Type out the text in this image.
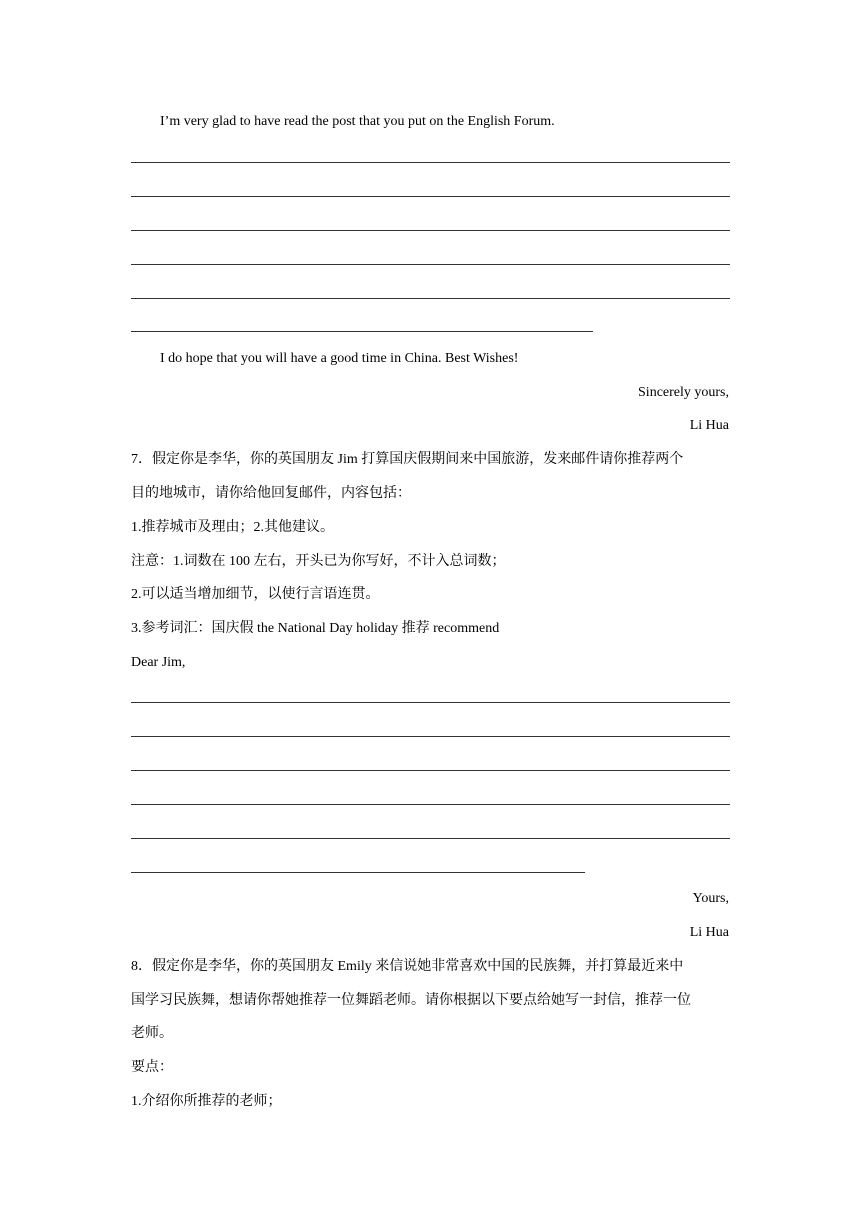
I’m very glad to have read the post that you put on the English Forum.
I do hope that you will have a good time in China. Best Wishes!
Sincerely yours,
Li Hua
7．假定你是李华，你的英国朋友 Jim 打算国庆假期间来中国旅游，发来邮件请你推荐两个
目的地城市，请你给他回复邮件，内容包括：
1.推荐城市及理由；2.其他建议。
注意：1.词数在 100 左右，开头已为你写好，不计入总词数；
2.可以适当增加细节，以使行言语连贯。
3.参考词汇：国庆假 the National Day holiday 推荐 recommend
Dear Jim,
Yours,
Li Hua
8．假定你是李华，你的英国朋友 Emily 来信说她非常喜欢中国的民族舞，并打算最近来中
国学习民族舞，想请你帮她推荐一位舞蹈老师。请你根据以下要点给她写一封信，推荐一位
老师。
要点：
1.介绍你所推荐的老师；
